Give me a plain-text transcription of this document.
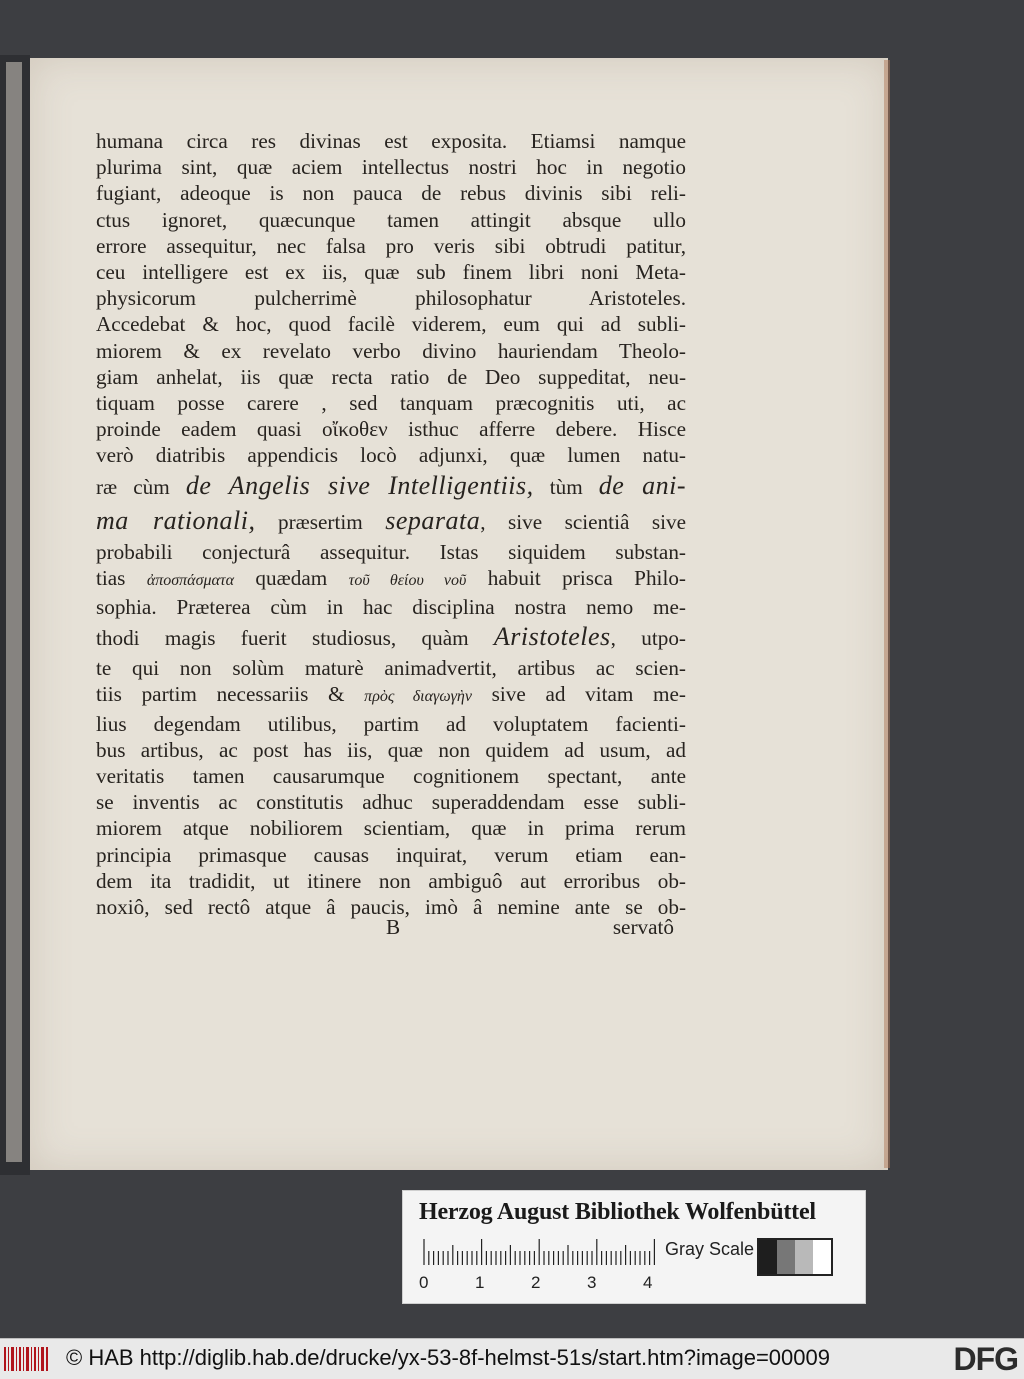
humana circa res divinas est exposita. Etiamsi namque
plurima sint, quæ aciem intellectus nostri hoc in negotio
fugiant, adeoque is non pauca de rebus divinis sibi reli-
ctus ignoret, quæcunque tamen attingit absque ullo
errore assequitur, nec falsa pro veris sibi obtrudi patitur,
ceu intelligere est ex iis, quæ sub finem libri noni Meta-
physicorum pulcherrimè philosophatur Aristoteles.
Accedebat & hoc, quod facilè viderem, eum qui ad subli-
miorem & ex revelato verbo divino hauriendam Theolo-
giam anhelat, iis quæ recta ratio de Deo suppeditat, neu-
tiquam posse carere , sed tanquam præcognitis uti, ac
proinde eadem quasi οἴκοθεν isthuc afferre debere. Hisce
verò diatribis appendicis locò adjunxi, quæ lumen natu-
ræ cùm de Angelis sive Intelligentiis, tùm de ani-
ma rationali, præsertim separata, sive scientiâ sive
probabili conjecturâ assequitur. Istas siquidem substan-
tias ἀποσπάσματα quædam τοῦ θείου νοῦ habuit prisca Philo-
sophia. Præterea cùm in hac disciplina nostra nemo me-
thodi magis fuerit studiosus, quàm Aristoteles, utpo-
te qui non solùm maturè animadvertit, artibus ac scien-
tiis partim necessariis & πρὸς διαγωγὴν sive ad vitam me-
lius degendam utilibus, partim ad voluptatem facienti-
bus artibus, ac post has iis, quæ non quidem ad usum, ad
veritatis tamen causarumque cognitionem spectant, ante
se inventis ac constitutis adhuc superaddendam esse subli-
miorem atque nobiliorem scientiam, quæ in prima rerum
principia primasque causas inquirat, verum etiam ean-
dem ita tradidit, ut itinere non ambiguô aut erroribus ob-
noxiô, sed rectô atque â paucis, imò â nemine ante se ob-
B	servatô
Herzog August Bibliothek Wolfenbüttel
0	1	2	3	4
Gray Scale
© HAB http://diglib.hab.de/drucke/yx-53-8f-helmst-51s/start.htm?image=00009	DFG
